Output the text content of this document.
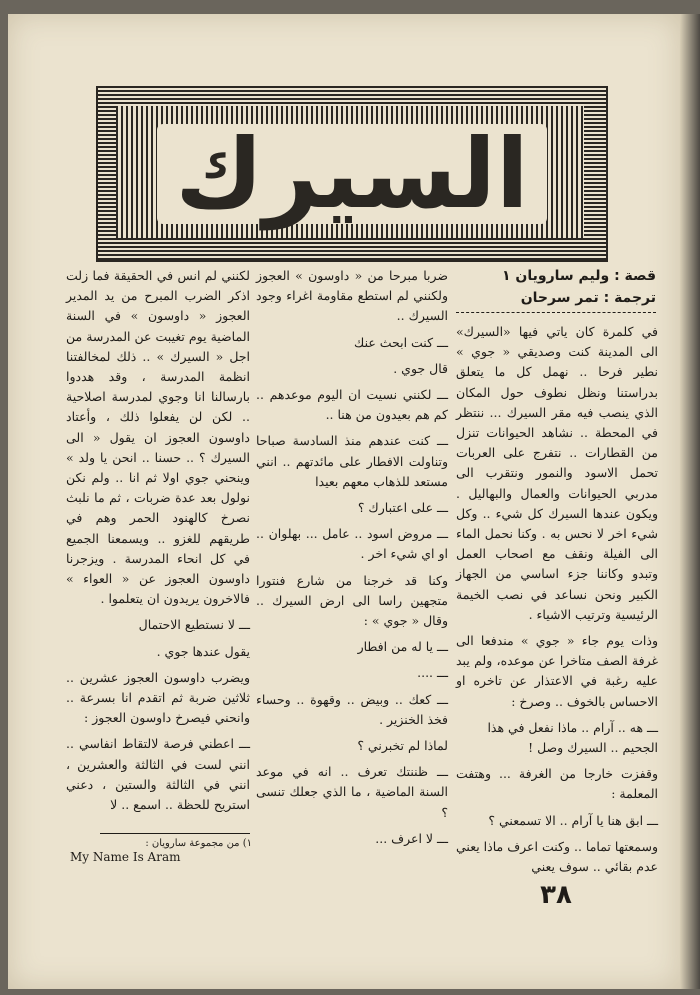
السيرك
قصة : وليم سارويان ١
ترجمة : تمر سرحان

في كلمرة كان ياتي فيها «السيرك» الى المدينة كنت وصديقي « جوي » نطير فرحا .. نهمل كل ما يتعلق بدراستنا ونظل نطوف حول المكان الذي ينصب فيه مقر السيرك ... ننتظر في المحطة .. نشاهد الحيوانات تنزل من القطارات .. نتفرج على العربات تحمل الاسود والنمور ونتقرب الى مدربي الحيوانات والعمال والبهاليل . ويكون عندها السيرك كل شيء .. وكل شيء اخر لا نحس به . وكنا نحمل الماء الى الفيلة ونقف مع اصحاب العمل وتبدو وكاننا جزء اساسي من الجهاز الكبير ونحن نساعد في نصب الخيمة الرئيسية وترتيب الاشياء .

وذات يوم جاء « جوي » مندفعا الى غرفة الصف متاخرا عن موعده، ولم يبد عليه رغبة في الاعتذار عن تاخره او الاحساس بالخوف .. وصرخ :

ـــ هه .. آرام .. ماذا نفعل في هذا الجحيم .. السيرك وصل !

وقفزت خارجا من الغرفة ... وهتفت المعلمة :

ـــ ابق هنا يا آرام .. الا تسمعني ؟

وسمعتها تماما .. وكنت اعرف ماذا يعني عدم بقائي .. سوف يعني

ضربا مبرحا من « داوسون » العجوز ولكنني لم استطع مقاومة اغراء وجود السيرك ..

ـــ كنت ابحث عنك

قال جوي .

ـــ لكنني نسيت ان اليوم موعدهم .. كم هم بعيدون من هنا ..

ـــ كنت عندهم منذ السادسة صباحا وتناولت الافطار على مائدتهم .. انني مستعد للذهاب معهم بعيدا

ـــ على اعتبارك ؟

ـــ مروض اسود .. عامل ... بهلوان .. او اي شيء اخر .

وكنا قد خرجنا من شارع فنتورا متجهين راسا الى ارض السيرك .. وقال « جوي » :

ـــ يا له من افطار

ـــ ....

ـــ كعك .. وبيض .. وقهوة .. وحساء فخذ الخنزير .

لماذا لم تخبرني ؟

ـــ ظننتك تعرف .. انه في موعد السنة الماضية ، ما الذي جعلك تنسى ؟

ـــ لا اعرف ...

لكنني لم انس في الحقيقة فما زلت اذكر الضرب المبرح من يد المدير العجوز « داوسون » في السنة الماضية يوم تغيبت عن المدرسة من اجل « السيرك » .. ذلك لمخالفتنا انظمة المدرسة ، وقد هددوا بارسالنا انا وجوي لمدرسة اصلاحية .. لكن لن يفعلوا ذلك ، وأعتاد داوسون العجوز ان يقول « الى السيرك ؟ .. حسنا .. انحن يا ولد » وينحني جوي اولا ثم انا .. ولم نكن نولول بعد عدة ضربات ، ثم ما نلبث نصرخ كالهنود الحمر وهم في طريقهم للغزو .. ويسمعنا الجميع في كل انحاء المدرسة . ويزجرنا داوسون العجوز عن « العواء » فالاخرون يريدون ان يتعلموا .

ـــ لا نستطيع الاحتمال

يقول عندها جوي .

ويضرب داوسون العجوز عشرين .. ثلاثين ضربة ثم اتقدم انا بسرعة .. وانحني فيصرخ داوسون العجوز :

ـــ اعطني فرصة لالتقاط انفاسي .. انني لست في الثالثة والعشرين ، انني في الثالثة والستين ، دعني استريح للحظة .. اسمع .. لا

١) من مجموعة سارويان :
My Name Is Aram
٣٨
